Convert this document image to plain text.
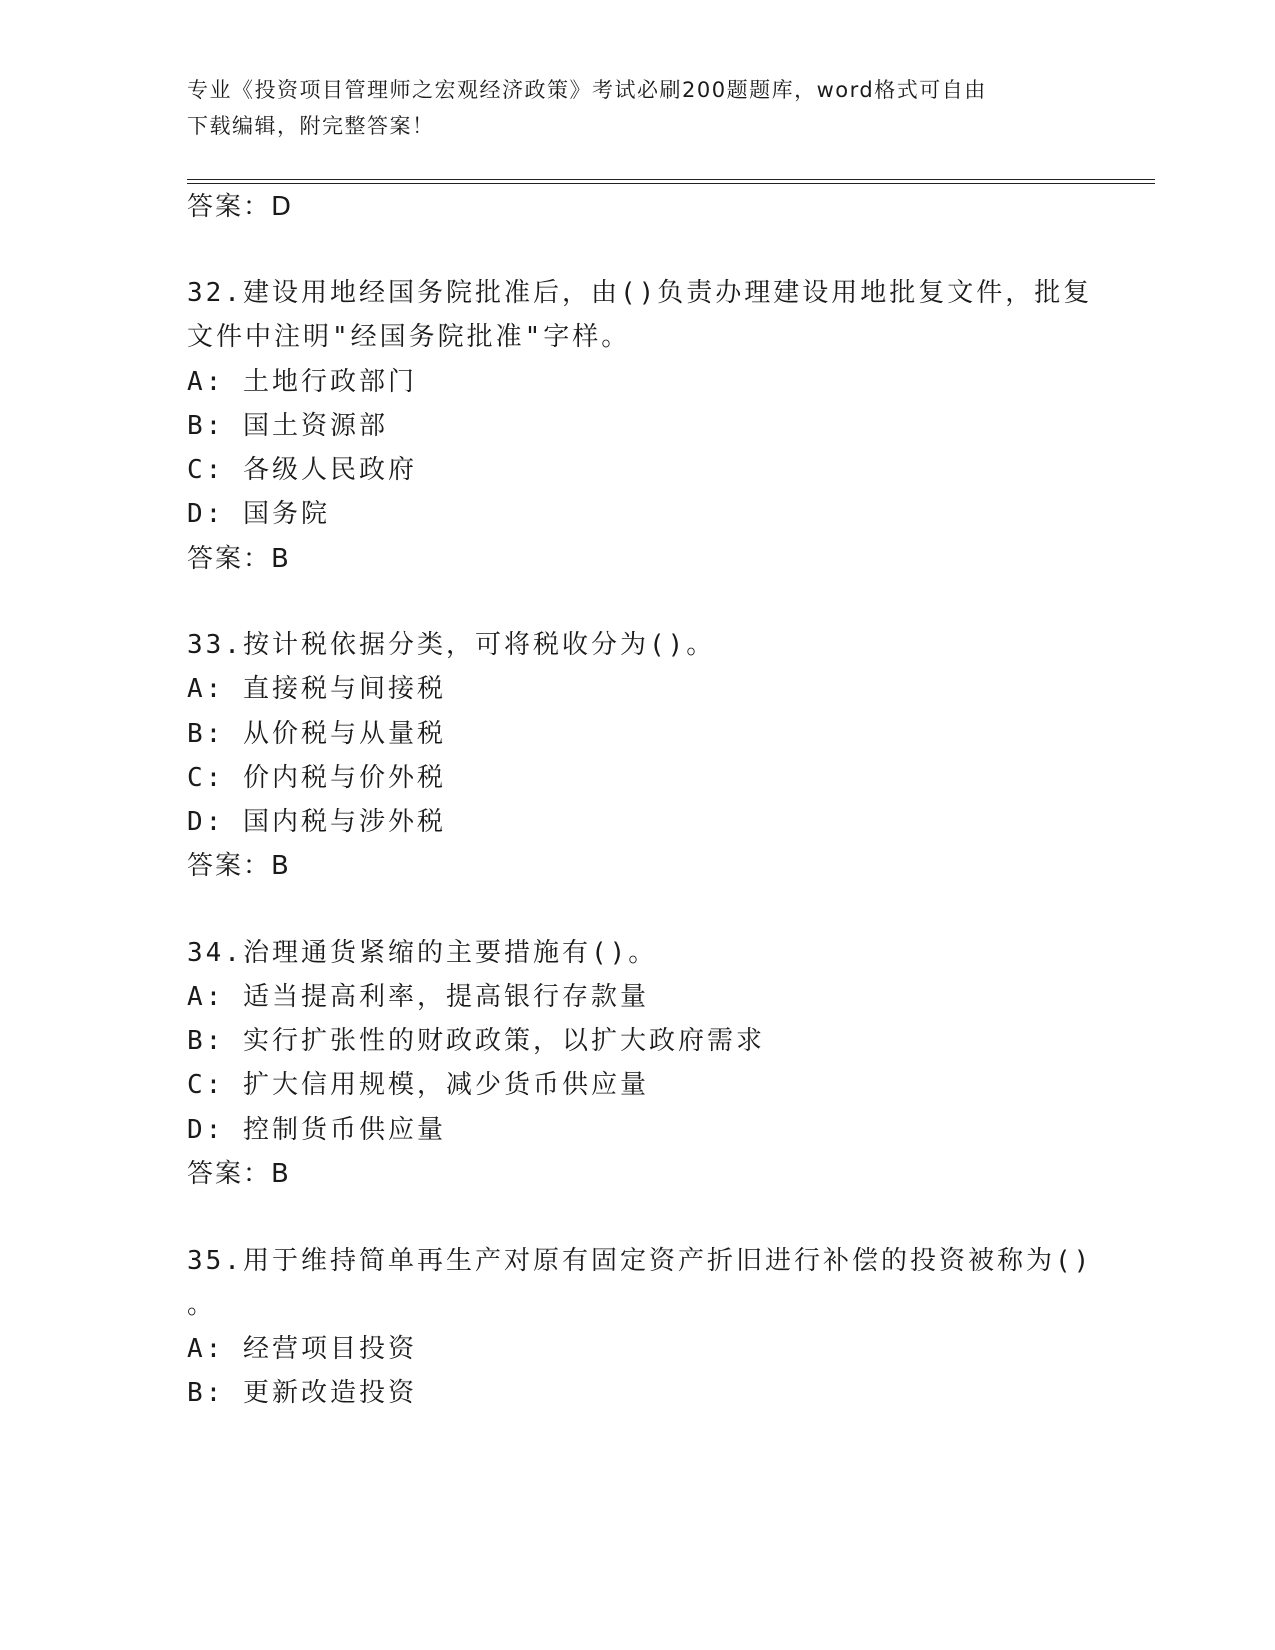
专业《投资项目管理师之宏观经济政策》考试必刷200题题库，word格式可自由
下载编辑，附完整答案！
答案：D
32.建设用地经国务院批准后，由()负责办理建设用地批复文件，批复
文件中注明"经国务院批准"字样。
A: 土地行政部门
B: 国土资源部
C: 各级人民政府
D: 国务院
答案：B
33.按计税依据分类，可将税收分为()。
A: 直接税与间接税
B: 从价税与从量税
C: 价内税与价外税
D: 国内税与涉外税
答案：B
34.治理通货紧缩的主要措施有()。
A: 适当提高利率，提高银行存款量
B: 实行扩张性的财政政策，以扩大政府需求
C: 扩大信用规模，减少货币供应量
D: 控制货币供应量
答案：B
35.用于维持简单再生产对原有固定资产折旧进行补偿的投资被称为()
。
A: 经营项目投资
B: 更新改造投资
